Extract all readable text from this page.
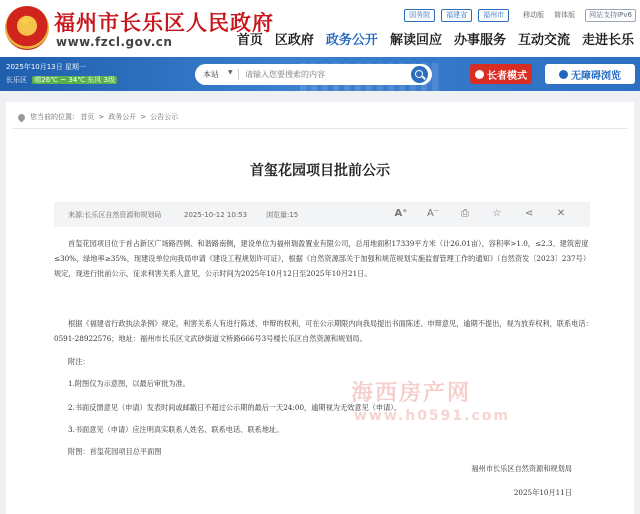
★ 福州市长乐区人民政府
www.fzcl.gov.cn
国务院	福建省	福州市	移动版 简体版	网站支持IPv6
首页 区政府 政务公开 解读回应 办事服务 互动交流 走进长乐
2025年10月13日 星期一
长乐区 晴26℃ ~ 34℃ 东风 3级
本站 ▼
请输入您要搜索的内容	长者模式	无障碍浏览
您当前的位置: 首页 > 政务公开 > 公告公示
首玺花园项目批前公示
来源:长乐区自然资源和规划局	2025-10-12 10:53	浏览量:15	A⁺ A⁻	⎙	☆ ⋖ ✕

首玺花园项目位于首占新区广场路西侧、和谐路南侧，建设单位为福州瑞盈置业有限公司，总用地面积17339平方米（计26.01亩），容积率>1.0，≤2.3、建筑密度≤30%、绿地率≥35%，现建设单位向我局申请《建设工程规划许可证》，根据《自然资源部关于加强和规范规划实施监督管理工作的通知》（自然资发〔2023〕237号）规定，现进行批前公示，征求利害关系人意见，公示时间为2025年10月12日至2025年10月21日。

根据《福建省行政执法条例》规定，利害关系人有进行陈述、申辩的权利，可在公示期限内向我局提出书面陈述、申辩意见，逾期不提出，视为放弃权利，联系电话：0591-28922576；地址：福州市长乐区文武砂街道文桥路666号3号楼长乐区自然资源和规划局。

附注：

1.附图仅为示意图，以最后审批为准。

2.书面反馈意见（申请）发表时间或邮戳日不超过公示期的最后一天24:00，逾期视为无效意见（申请）。

3.书面意见（申请）应注明真实联系人姓名、联系电话、联系地址。

附图：首玺花园项目总平面图

海西房产网
www.h0591.com
福州市长乐区自然资源和规划局
2025年10月11日
